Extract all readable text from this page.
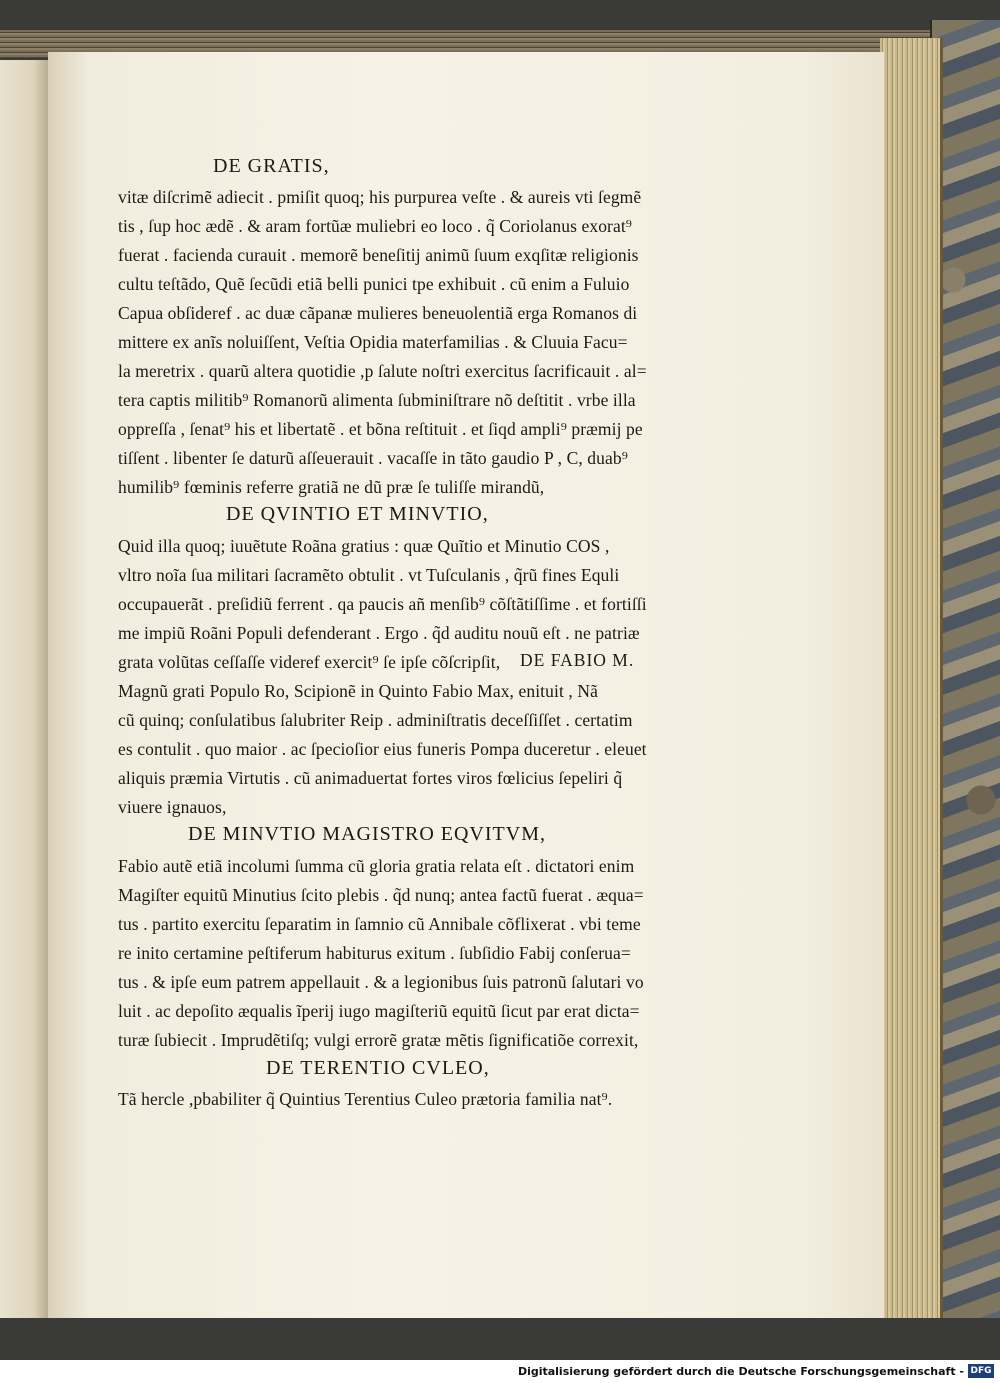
DE GRATIS,
vitæ diſcrimẽ adiecit . pmiſit quoq; his purpurea veſte . & aureis vti ſegmẽ
tis , ſup hoc ædẽ . & aram fortũæ muliebri eo loco . q̃ Coriolanus exorat⁹
fuerat . facienda curauit . memorẽ beneſitij animũ ſuum exqſitæ religionis
cultu teſtãdo, Quẽ ſecũdi etiã belli punici tpe exhibuit . cũ enim a Fuluio
Capua obſideref . ac duæ cãpanæ mulieres beneuolentiã erga Romanos di
mittere ex anĩs noluiſſent, Veſtia Opidia materfamilias . & Cluuia Facu=
la meretrix . quarũ altera quotidie ,p ſalute noſtri exercitus ſacrificauit . al=
tera captis militib⁹ Romanorũ alimenta ſubminiſtrare nõ deſtitit . vrbe illa
oppreſſa , ſenat⁹ his et libertatẽ . et bõna reſtituit . et ſiqd ampli⁹ præmij pe
tiſſent . libenter ſe daturũ aſſeuerauit . vacaſſe in tãto gaudio P , C, duab⁹
humilib⁹ fœminis referre gratiã ne dũ præ ſe tuliſſe mirandũ,
DE QVINTIO ET MINVTIO,
Quid illa quoq; iuuẽtute Roãna gratius : quæ Quĩtio et Minutio COS ,
vltro noĩa ſua militari ſacramẽto obtulit . vt Tuſculanis , q̃rũ fines Equli
occupauerãt . preſidiũ ferrent . qa paucis añ menſib⁹ cõſtãtiſſime . et fortiſſi
me impiũ Roãni Populi defenderant . Ergo . q̃d auditu nouũ eſt . ne patriæ
grata volũtas ceſſaſſe videref exercit⁹ ſe ipſe cõſcripſit, DE FABIO M.
Magnũ grati Populo Ro, Scipionẽ in Quinto Fabio Max, enituit , Nã
cũ quinq; conſulatibus ſalubriter Reip . adminiſtratis deceſſiſſet . certatim
es contulit . quo maior . ac ſpecioſior eius funeris Pompa duceretur . eleuet
aliquis præmia Virtutis . cũ animaduertat fortes viros fœlicius ſepeliri q̃
viuere ignauos,
DE MINVTIO MAGISTRO EQVITVM,
Fabio autẽ etiã incolumi ſumma cũ gloria gratia relata eſt . dictatori enim
Magiſter equitũ Minutius ſcito plebis . q̃d nunq; antea factũ fuerat . æqua=
tus . partito exercitu ſeparatim in ſamnio cũ Annibale cõflixerat . vbi teme
re inito certamine peſtiferum habiturus exitum . ſubſidio Fabij conſerua=
tus . & ipſe eum patrem appellauit . & a legionibus ſuis patronũ ſalutari vo
luit . ac depoſito æqualis ĩperij iugo magiſteriũ equitũ ſicut par erat dicta=
turæ ſubiecit . Imprudẽtiſq; vulgi errorẽ gratæ mẽtis ſignificatiõe correxit,
DE TERENTIO CVLEO,
Tã hercle ,pbabiliter q̃ Quintius Terentius Culeo prætoria familia nat⁹.
Digitalisierung gefördert durch die Deutsche Forschungsgemeinschaft - DFG
